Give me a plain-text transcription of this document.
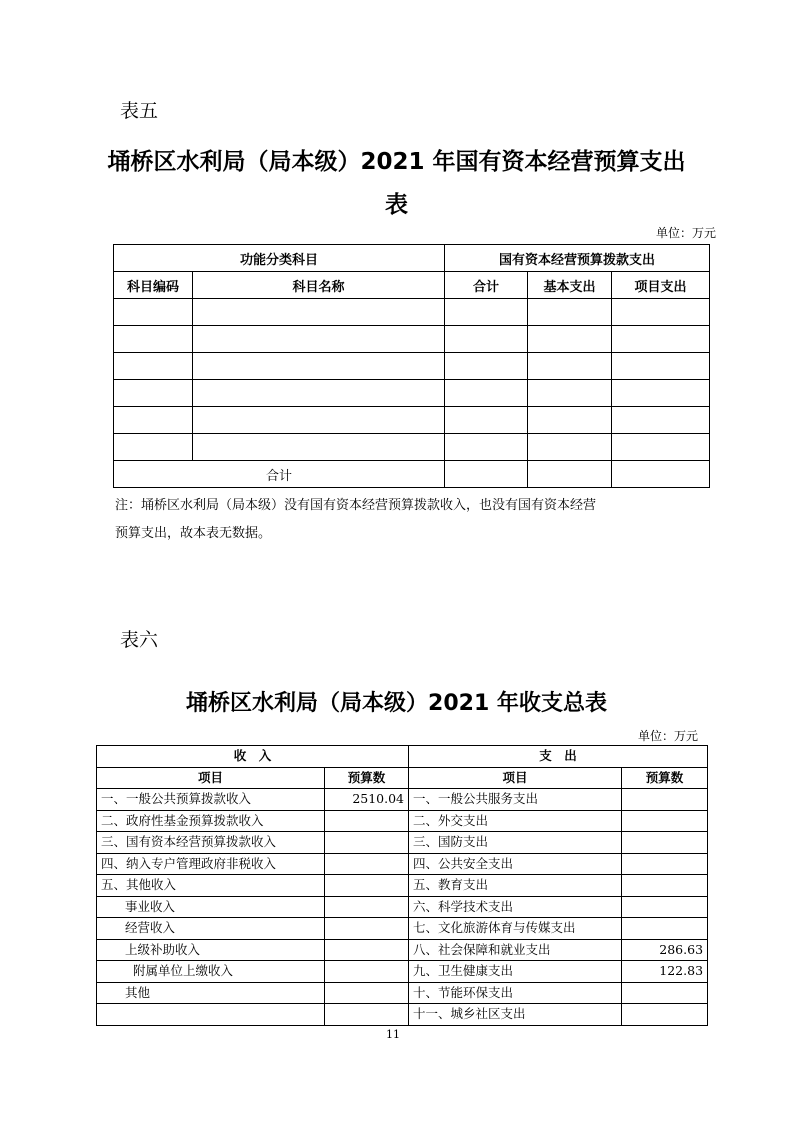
表五
埇桥区水利局（局本级）2021 年国有资本经营预算支出
表
单位：万元
功能分类科目		国有资本经营预算拨款支出		
科目编码	科目名称	合计	基本支出	项目支出

合计				
注：埇桥区水利局（局本级）没有国有资本经营预算拨款收入，也没有国有资本经营
预算支出，故本表无数据。
表六
埇桥区水利局（局本级）2021 年收支总表
单位：万元
收　入		支　出	
项目	预算数	项目	预算数
一、一般公共预算拨款收入	2510.04	一、一般公共服务支出	
二、政府性基金预算拨款收入		二、外交支出	
三、国有资本经营预算拨款收入		三、国防支出	
四、纳入专户管理政府非税收入		四、公共安全支出	
五、其他收入		五、教育支出	
事业收入		六、科学技术支出	
经营收入		七、文化旅游体育与传媒支出	
上级补助收入		八、社会保障和就业支出	286.63
附属单位上缴收入		九、卫生健康支出	122.83
其他		十、节能环保支出	
		十一、城乡社区支出	
11
